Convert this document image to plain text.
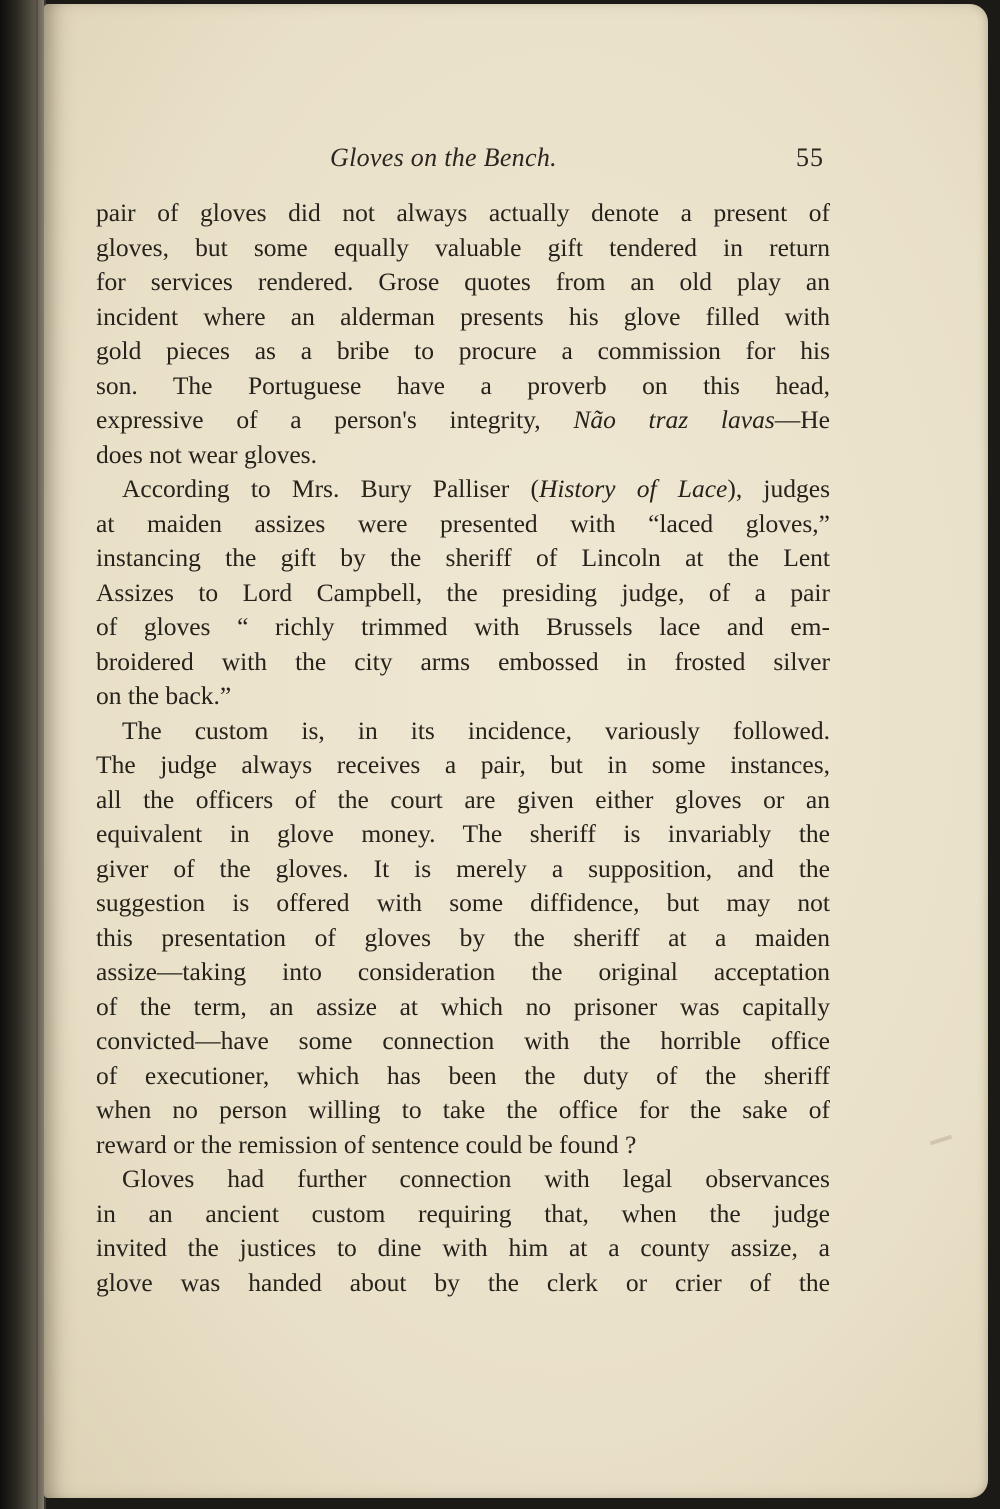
Gloves on the Bench.	55
pair of gloves did not always actually denote a present of
gloves, but some equally valuable gift tendered in return
for services rendered. Grose quotes from an old play an
incident where an alderman presents his glove filled with
gold pieces as a bribe to procure a commission for his
son. The Portuguese have a proverb on this head,
expressive of a person's integrity, Não traz lavas—He
does not wear gloves.
According to Mrs. Bury Palliser (History of Lace), judges
at maiden assizes were presented with “laced gloves,”
instancing the gift by the sheriff of Lincoln at the Lent
Assizes to Lord Campbell, the presiding judge, of a pair
of gloves “ richly trimmed with Brussels lace and em-
broidered with the city arms embossed in frosted silver
on the back.”
The custom is, in its incidence, variously followed.
The judge always receives a pair, but in some instances,
all the officers of the court are given either gloves or an
equivalent in glove money. The sheriff is invariably the
giver of the gloves. It is merely a supposition, and the
suggestion is offered with some diffidence, but may not
this presentation of gloves by the sheriff at a maiden
assize—taking into consideration the original acceptation
of the term, an assize at which no prisoner was capitally
convicted—have some connection with the horrible office
of executioner, which has been the duty of the sheriff
when no person willing to take the office for the sake of
reward or the remission of sentence could be found ?
Gloves had further connection with legal observances
in an ancient custom requiring that, when the judge
invited the justices to dine with him at a county assize, a
glove was handed about by the clerk or crier of the
